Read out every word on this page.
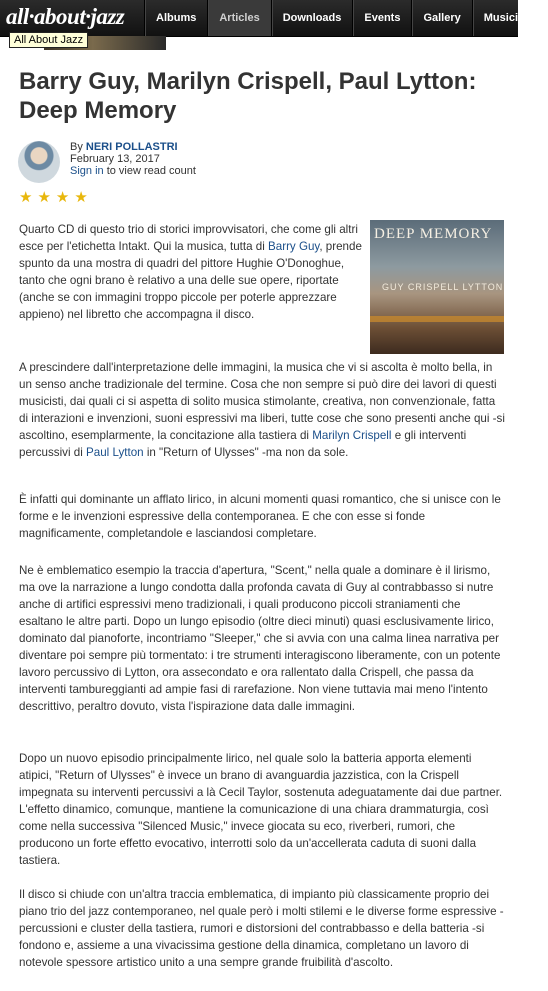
all·about·jazz	Albums	Articles	Downloads	Events	Gallery	Musicians
All About Jazz
Barry Guy, Marilyn Crispell, Paul Lytton: Deep Memory
By NERI POLLASTRI
February 13, 2017
Sign in to view read count
★ ★ ★ ★
DEEP MEMORY
GUY CRISPELL LYTTON

Quarto CD di questo trio di storici improvvisatori, che come gli altri esce per l'etichetta Intakt. Qui la musica, tutta di Barry Guy, prende spunto da una mostra di quadri del pittore Hughie O'Donoghue, tanto che ogni brano è relativo a una delle sue opere, riportate (anche se con immagini troppo piccole per poterle apprezzare appieno) nel libretto che accompagna il disco.

A prescindere dall'interpretazione delle immagini, la musica che vi si ascolta è molto bella, in un senso anche tradizionale del termine. Cosa che non sempre si può dire dei lavori di questi musicisti, dai quali ci si aspetta di solito musica stimolante, creativa, non convenzionale, fatta di interazioni e invenzioni, suoni espressivi ma liberi, tutte cose che sono presenti anche qui -si ascoltino, esemplarmente, la concitazione alla tastiera di Marilyn Crispell e gli interventi percussivi di Paul Lytton in "Return of Ulysses" -ma non da sole.

È infatti qui dominante un afflato lirico, in alcuni momenti quasi romantico, che si unisce con le forme e le invenzioni espressive della contemporanea. E che con esse si fonde magnificamente, completandole e lasciandosi completare.

Ne è emblematico esempio la traccia d'apertura, "Scent," nella quale a dominare è il lirismo, ma ove la narrazione a lungo condotta dalla profonda cavata di Guy al contrabbasso si nutre anche di artifici espressivi meno tradizionali, i quali producono piccoli straniamenti che esaltano le altre parti. Dopo un lungo episodio (oltre dieci minuti) quasi esclusivamente lirico, dominato dal pianoforte, incontriamo "Sleeper," che si avvia con una calma linea narrativa per diventare poi sempre più tormentato: i tre strumenti interagiscono liberamente, con un potente lavoro percussivo di Lytton, ora assecondato e ora rallentato dalla Crispell, che passa da interventi tambureggianti ad ampie fasi di rarefazione. Non viene tuttavia mai meno l'intento descrittivo, peraltro dovuto, vista l'ispirazione data dalle immagini.

Dopo un nuovo episodio principalmente lirico, nel quale solo la batteria apporta elementi atipici, "Return of Ulysses" è invece un brano di avanguardia jazzistica, con la Crispell impegnata su interventi percussivi a là Cecil Taylor, sostenuta adeguatamente dai due partner. L'effetto dinamico, comunque, mantiene la comunicazione di una chiara drammaturgia, così come nella successiva "Silenced Music," invece giocata su eco, riverberi, rumori, che producono un forte effetto evocativo, interrotti solo da un'accellerata caduta di suoni dalla tastiera.

Il disco si chiude con un'altra traccia emblematica, di impianto più classicamente proprio dei piano trio del jazz contemporaneo, nel quale però i molti stilemi e le diverse forme espressive -percussioni e cluster della tastiera, rumori e distorsioni del contrabbasso e della batteria -si fondono e, assieme a una vivacissima gestione della dinamica, completano un lavoro di notevole spessore artistico unito a una sempre grande fruibilità d'ascolto.
